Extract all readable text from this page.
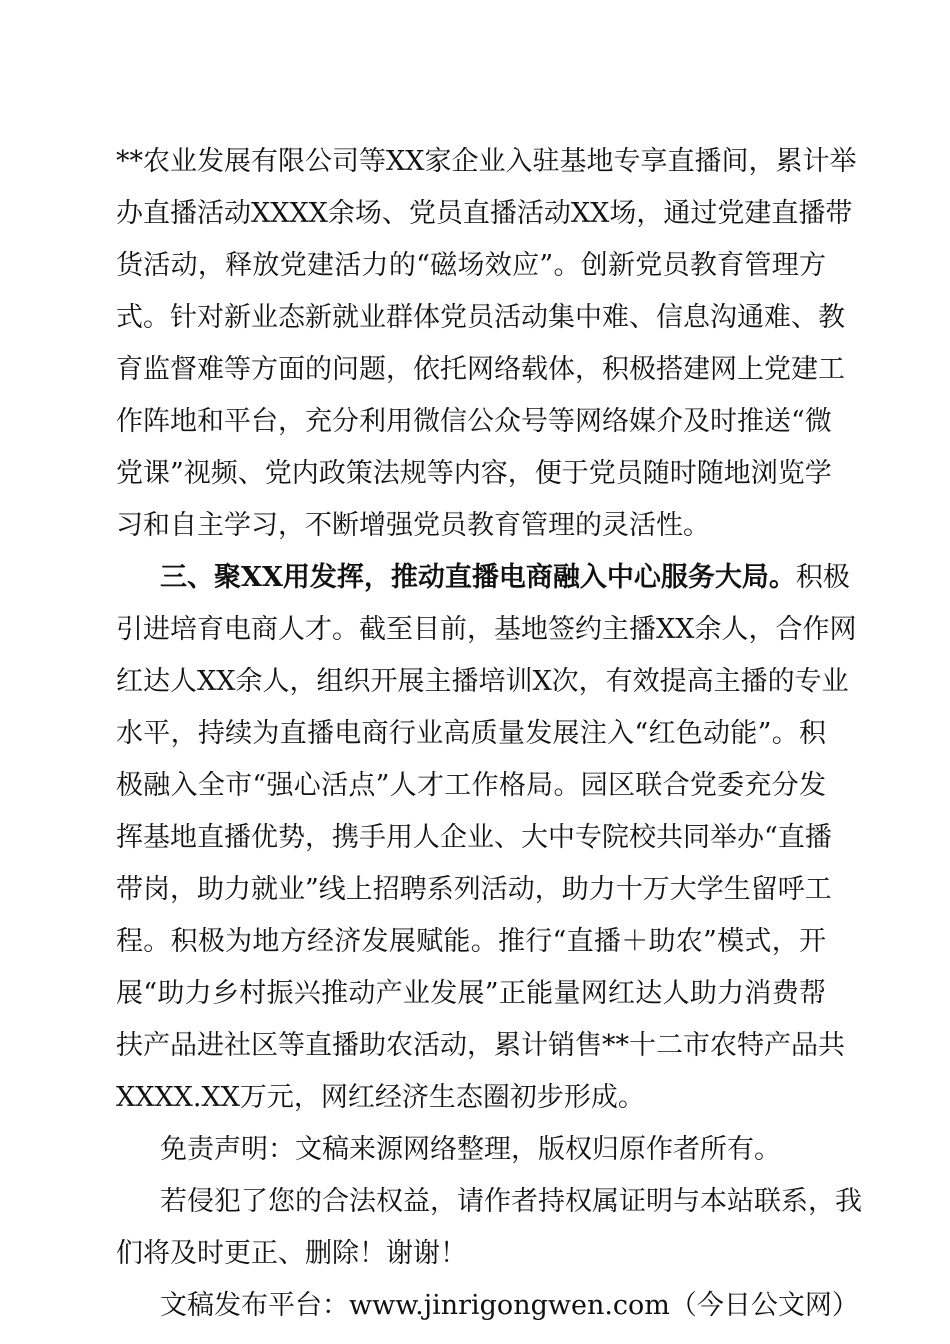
**农业发展有限公司等XX家企业入驻基地专享直播间，累计举
办直播活动XXXX余场、党员直播活动XX场，通过党建直播带
货活动，释放党建活力的“磁场效应”。创新党员教育管理方
式。针对新业态新就业群体党员活动集中难、信息沟通难、教
育监督难等方面的问题，依托网络载体，积极搭建网上党建工
作阵地和平台，充分利用微信公众号等网络媒介及时推送“微
党课”视频、党内政策法规等内容，便于党员随时随地浏览学
习和自主学习，不断增强党员教育管理的灵活性。
三、聚XX用发挥，推动直播电商融入中心服务大局。积极
引进培育电商人才。截至目前，基地签约主播XX余人，合作网
红达人XX余人，组织开展主播培训X次，有效提高主播的专业
水平，持续为直播电商行业高质量发展注入“红色动能”。积
极融入全市“强心活点”人才工作格局。园区联合党委充分发
挥基地直播优势，携手用人企业、大中专院校共同举办“直播
带岗，助力就业”线上招聘系列活动，助力十万大学生留呼工
程。积极为地方经济发展赋能。推行“直播＋助农”模式，开
展“助力乡村振兴推动产业发展”正能量网红达人助力消费帮
扶产品进社区等直播助农活动，累计销售**十二市农特产品共
XXXX.XX万元，网红经济生态圈初步形成。
免责声明：文稿来源网络整理，版权归原作者所有。
若侵犯了您的合法权益，请作者持权属证明与本站联系，我
们将及时更正、删除！谢谢！
文稿发布平台：www.jinrigongwen.com（今日公文网）
